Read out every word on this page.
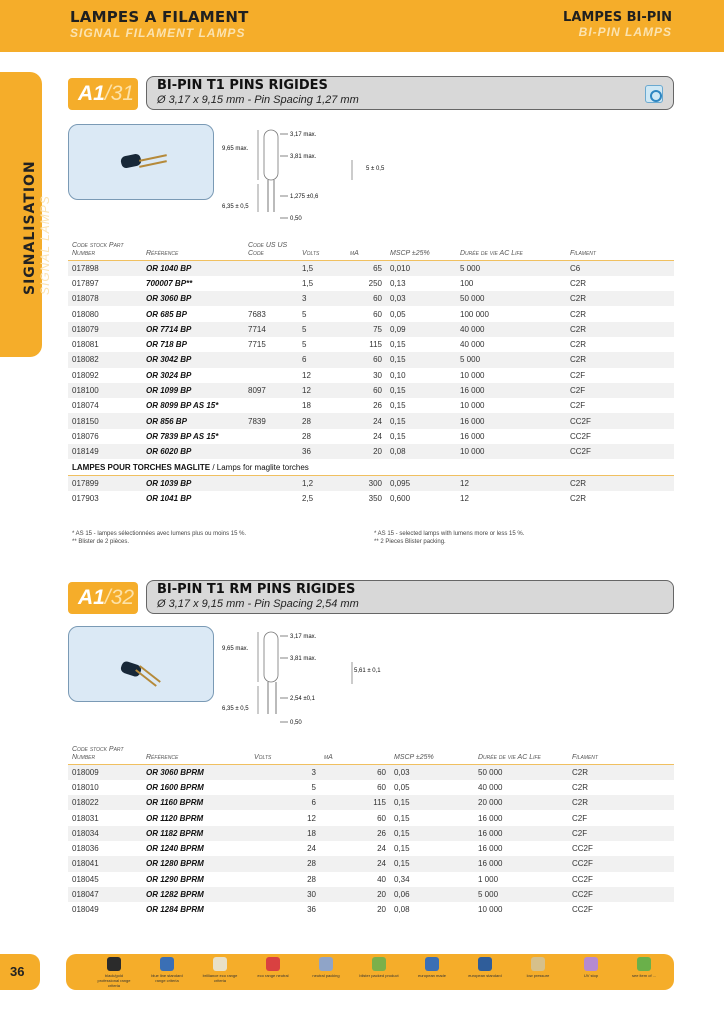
LAMPES A FILAMENT
SIGNAL FILAMENT LAMPS
LAMPES BI-PIN
BI-PIN LAMPS
SIGNALISATION SIGNAL LAMPS
A1/31	BI-PIN T1 PINS RIGIDES
Ø 3,17 x 9,15 mm - Pin Spacing 1,27 mm
3,17 max.
9,65 max.
3,81 max.
5 ± 0,5
1,275 ±0,6
6,35 ± 0,5
0,50
Code stock Part Number	Référence	Code US US Code	Volts	mA	MSCP ±25%	Durée de vie AC Life	Filament
017898	OR 1040 BP		1,5	65	0,010	5 000	C6
017897	700007 BP**		1,5	250	0,13	100	C2R
018078	OR 3060 BP		3	60	0,03	50 000	C2R
018080	OR 685 BP	7683	5	60	0,05	100 000	C2R
018079	OR 7714 BP	7714	5	75	0,09	40 000	C2R
018081	OR 718 BP	7715	5	115	0,15	40 000	C2R
018082	OR 3042 BP		6	60	0,15	5 000	C2R
018092	OR 3024 BP		12	30	0,10	10 000	C2F
018100	OR 1099 BP	8097	12	60	0,15	16 000	C2F
018074	OR 8099 BP AS 15*		18	26	0,15	10 000	C2F
018150	OR 856 BP	7839	28	24	0,15	16 000	CC2F
018076	OR 7839 BP AS 15*		28	24	0,15	16 000	CC2F
018149	OR 6020 BP		36	20	0,08	10 000	CC2F
LAMPES POUR TORCHES MAGLITE / Lamps for maglite torches							
017899	OR 1039 BP		1,2	300	0,095	12	C2R
017903	OR 1041 BP		2,5	350	0,600	12	C2R
* AS 15 - lampes sélectionnées avec lumens plus ou moins 15 %.
** Blister de 2 pièces.
* AS 15 - selected lamps with lumens more or less 15 %.
** 2 Pieces Blister packing.
A1/32	BI-PIN T1 RM PINS RIGIDES
Ø 3,17 x 9,15 mm - Pin Spacing 2,54 mm
3,17 max.
9,65 max.
3,81 max.
5,61 ± 0,1
2,54 ±0,1
6,35 ± 0,5
0,50
Code stock Part Number	Référence	Volts	mA	MSCP ±25%	Durée de vie AC Life	Filament
018009	OR 3060 BPRM	3	60	0,03	50 000	C2R
018010	OR 1600 BPRM	5	60	0,05	40 000	C2R
018022	OR 1160 BPRM	6	115	0,15	20 000	C2R
018031	OR 1120 BPRM	12	60	0,15	16 000	C2F
018034	OR 1182 BPRM	18	26	0,15	16 000	C2F
018036	OR 1240 BPRM	24	24	0,15	16 000	CC2F
018041	OR 1280 BPRM	28	24	0,15	16 000	CC2F
018045	OR 1290 BPRM	28	40	0,34	1 000	CC2F
018047	OR 1282 BPRM	30	20	0,06	5 000	CC2F
018049	OR 1284 BPRM	36	20	0,08	10 000	CC2F
36	black/gold professional range criteria
blue line standard range criteria
brilliance eco range criteria
eco range neutral	neutral packing	blister packed product	european made	european standard	low pressure	UV stop	see item of ...
